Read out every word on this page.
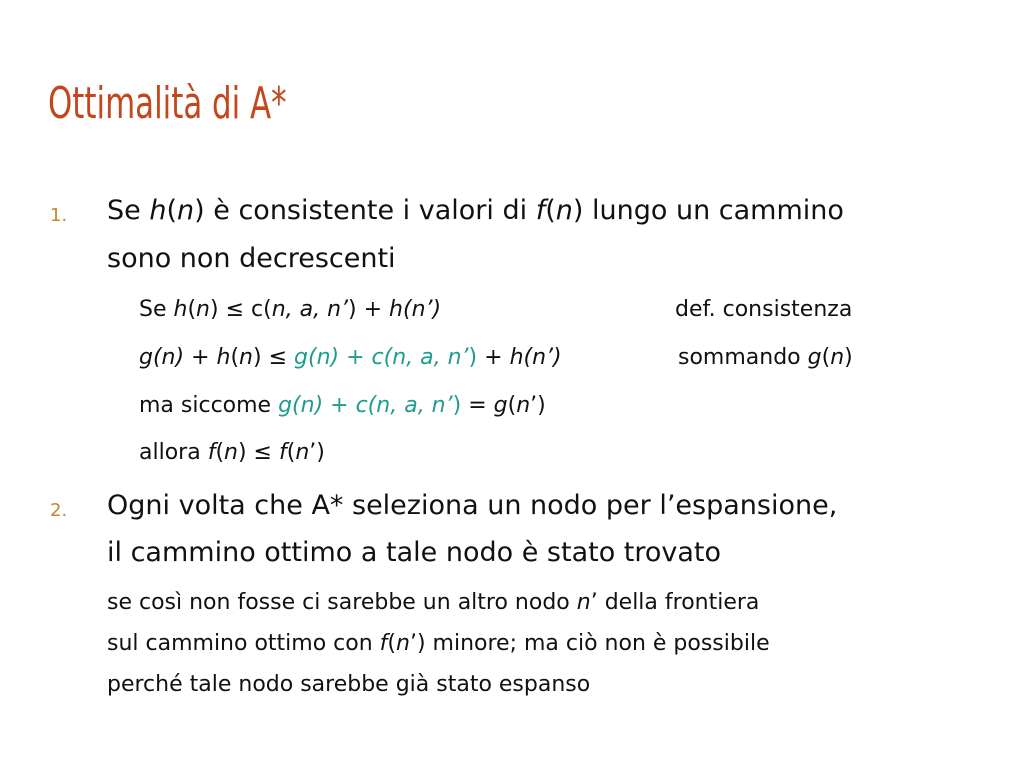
Ottimalità di A*
1. Se h(n) è consistente i valori di f(n) lungo un cammino
sono non decrescenti
Se h(n) ≤ c(n, a, n’) + h(n’)	def. consistenza
g(n) + h(n) ≤ g(n) + c(n, a, n’) + h(n’)	sommando g(n)
ma siccome g(n) + c(n, a, n’) = g(n’)
allora f(n) ≤ f(n’)
2. Ogni volta che A* seleziona un nodo per l’espansione,
il cammino ottimo a tale nodo è stato trovato
se così non fosse ci sarebbe un altro nodo n’ della frontiera
sul cammino ottimo con f(n’) minore; ma ciò non è possibile
perché tale nodo sarebbe già stato espanso
